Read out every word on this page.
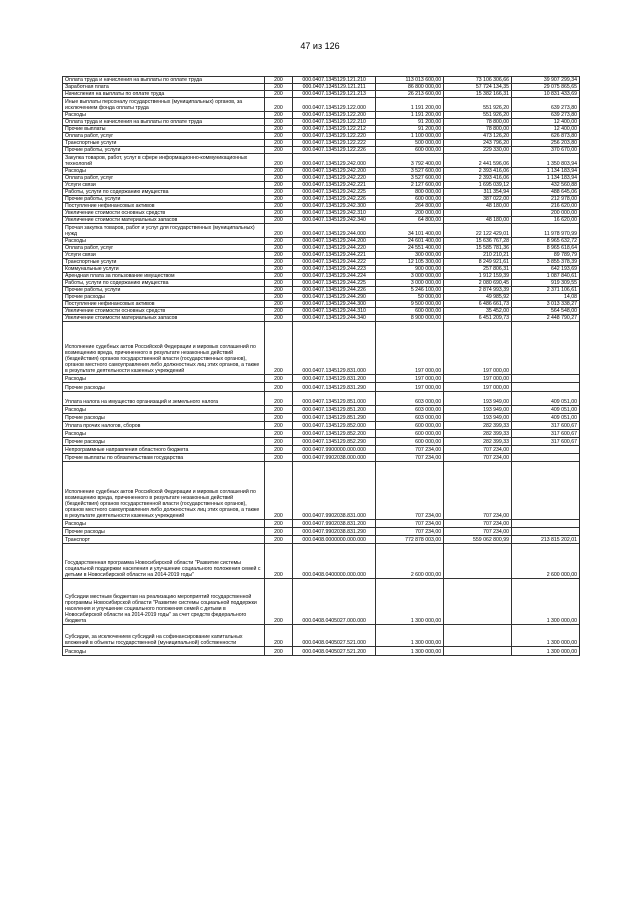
47 из 126
Оплата труда и начисления на выплаты по оплате труда	200	000.0407.1345129.121.210	113 013 600,00	73 106 306,66	39 907 299,34
Заработная плата	200	000.0407.1345129.121.211	86 800 000,00	57 724 134,35	29 075 865,65
Начисления на выплаты по оплате труда	200	000.0407.1345129.121.213	26 213 600,00	15 382 166,31	10 831 433,69
Иные выплаты персоналу государственных (муниципальных) органов, за исключением фонда оплаты труда	200	000.0407.1345129.122.000	1 191 200,00	551 926,20	639 273,80
Расходы	200	000.0407.1345129.122.200	1 191 200,00	551 926,20	639 273,80
Оплата труда и начисления на выплаты по оплате труда	200	000.0407.1345129.122.210	91 200,00	78 800,00	12 400,00
Прочие выплаты	200	000.0407.1345129.122.212	91 200,00	78 800,00	12 400,00
Оплата работ, услуг	200	000.0407.1345129.122.220	1 100 000,00	473 126,20	626 873,80
Транспортные услуги	200	000.0407.1345129.122.222	500 000,00	243 796,20	256 203,80
Прочие работы, услуги	200	000.0407.1345129.122.226	600 000,00	229 330,00	370 670,00
Закупка товаров, работ, услуг в сфере информационно-коммуникационных технологий	200	000.0407.1345129.242.000	3 792 400,00	2 441 596,06	1 350 803,94
Расходы	200	000.0407.1345129.242.200	3 527 600,00	2 393 416,06	1 134 183,94
Оплата работ, услуг	200	000.0407.1345129.242.220	3 527 600,00	2 393 416,06	1 134 183,94
Услуги связи	200	000.0407.1345129.242.221	2 127 600,00	1 695 039,12	432 560,88
Работы, услуги по содержанию имущества	200	000.0407.1345129.242.225	800 000,00	311 354,94	488 645,06
Прочие работы, услуги	200	000.0407.1345129.242.226	600 000,00	387 022,00	212 978,00
Поступление нефинансовых активов	200	000.0407.1345129.242.300	264 800,00	48 180,00	216 620,00
Увеличение стоимости основных средств	200	000.0407.1345129.242.310	200 000,00		200 000,00
Увеличение стоимости материальных запасов	200	000.0407.1345129.242.340	64 800,00	48 180,00	16 620,00
Прочая закупка товаров, работ и услуг для государственных (муниципальных) нужд	200	000.0407.1345129.244.000	34 101 400,00	22 122 429,01	11 978 970,99
Расходы	200	000.0407.1345129.244.200	24 601 400,00	15 636 767,28	8 965 632,72
Оплата работ, услуг	200	000.0407.1345129.244.220	24 551 400,00	15 585 781,36	8 965 618,64
Услуги связи	200	000.0407.1345129.244.221	300 000,00	210 210,21	89 789,79
Транспортные услуги	200	000.0407.1345129.244.222	12 105 300,00	8 249 921,61	3 855 378,39
Коммунальные услуги	200	000.0407.1345129.244.223	900 000,00	257 806,31	642 193,69
Арендная плата за пользование имуществом	200	000.0407.1345129.244.224	3 000 000,00	1 912 159,39	1 087 840,61
Работы, услуги по содержанию имущества	200	000.0407.1345129.244.225	3 000 000,00	2 080 690,45	919 309,55
Прочие работы, услуги	200	000.0407.1345129.244.226	5 246 100,00	2 874 993,39	2 371 106,61
Прочие расходы	200	000.0407.1345129.244.290	50 000,00	49 985,92	14,08
Поступление нефинансовых активов	200	000.0407.1345129.244.300	9 500 000,00	6 486 661,73	3 013 338,27
Увеличение стоимости основных средств	200	000.0407.1345129.244.310	600 000,00	35 452,00	564 548,00
Увеличение стоимости материальных запасов	200	000.0407.1345129.244.340	8 900 000,00	6 451 209,73	2 448 790,27
Исполнение судебных актов Российской Федерации и мировых соглашений по возмещению вреда, причиненного в результате незаконных действий (бездействия) органов государственной власти (государственных органов), органов местного самоуправления либо должностных лиц этих органов, а также в результате деятельности казенных учреждений	200	000.0407.1345129.831.000	197 000,00	197 000,00	
Расходы	200	000.0407.1345129.831.200	197 000,00	197 000,00	
Прочие расходы	200	000.0407.1345129.831.290	197 000,00	197 000,00	
Уплата налога на имущество организаций и земельного налога	200	000.0407.1345129.851.000	603 000,00	193 949,00	409 051,00
Расходы	200	000.0407.1345129.851.200	603 000,00	193 949,00	409 051,00
Прочие расходы	200	000.0407.1345129.851.290	603 000,00	193 949,00	409 051,00
Уплата прочих налогов, сборов	200	000.0407.1345129.852.000	600 000,00	282 399,33	317 600,67
Расходы	200	000.0407.1345129.852.200	600 000,00	282 399,33	317 600,67
Прочие расходы	200	000.0407.1345129.852.290	600 000,00	282 399,33	317 600,67
Непрограммные направления областного бюджета	200	000.0407.9900000.000.000	707 234,00	707 234,00	
Прочие выплаты по обязательствам государства	200	000.0407.9902038.000.000	707 234,00	707 234,00	
Исполнение судебных актов Российской Федерации и мировых соглашений по возмещению вреда, причиненного в результате незаконных действий (бездействия) органов государственной власти (государственных органов), органов местного самоуправления либо должностных лиц этих органов, а также в результате деятельности казенных учреждений	200	000.0407.9902038.831.000	707 234,00	707 234,00	
Расходы	200	000.0407.9902038.831.200	707 234,00	707 234,00	
Прочие расходы	200	000.0407.9902038.831.290	707 234,00	707 234,00	
Транспорт	200	000.0408.0000000.000.000	772 878 003,00	559 062 800,99	213 815 202,01
Государственная программа Новосибирской области "Развитие системы социальной поддержки населения и улучшение социального положения семей с детьми в Новосибирской области на 2014-2019 годы"	200	000.0408.0400000.000.000	2 600 000,00		2 600 000,00
Субсидии местным бюджетам на реализацию мероприятий государственной программы Новосибирской области "Развитие системы социальной поддержки населения и улучшение социального положения семей с детьми в Новосибирской области на 2014-2019 годы" за счет средств федерального бюджета	200	000.0408.0405027.000.000	1 300 000,00		1 300 000,00
Субсидии, за исключением субсидий на софинансирование капитальных вложений в объекты государственной (муниципальной) собственности	200	000.0408.0405027.521.000	1 300 000,00		1 300 000,00
Расходы	200	000.0408.0405027.521.200	1 300 000,00		1 300 000,00
